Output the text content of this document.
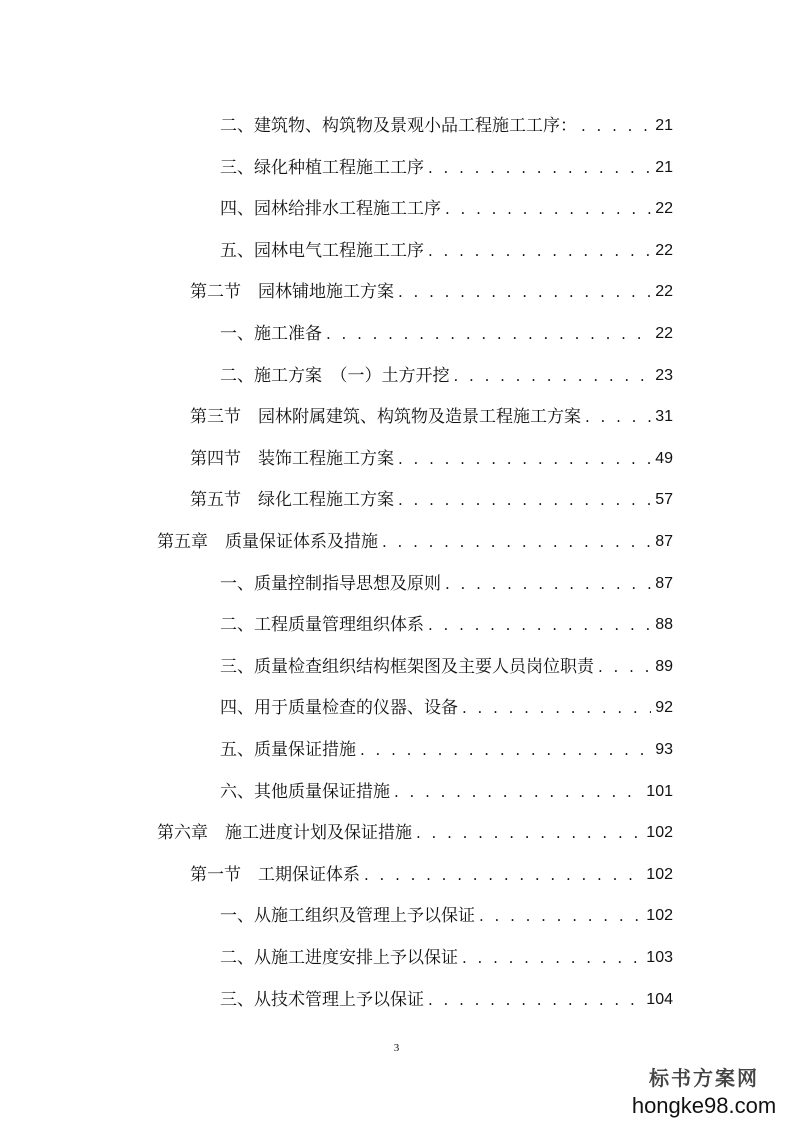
二、建筑物、构筑物及景观小品工程施工工序： . . .	21
三、绿化种植工程施工工序 . . .	21
四、园林给排水工程施工工序 . . .	22
五、园林电气工程施工工序 . . .	22
第二节　园林铺地施工方案 . . .	22
一、施工准备 . . .	22
二、施工方案　（一）土方开挖 . . .	23
第三节　园林附属建筑、构筑物及造景工程施工方案 . . .	31
第四节　装饰工程施工方案 . . .	49
第五节　绿化工程施工方案 . . .	57
第五章　质量保证体系及措施 . . .	87
一、质量控制指导思想及原则 . . .	87
二、工程质量管理组织体系 . . .	88
三、质量检查组织结构框架图及主要人员岗位职责 . . .	89
四、用于质量检查的仪器、设备 . . .	92
五、质量保证措施 . . .	93
六、其他质量保证措施 . . .	101
第六章　施工进度计划及保证措施 . . .	102
第一节　工期保证体系 . . .	102
一、从施工组织及管理上予以保证 . . .	102
二、从施工进度安排上予以保证 . . .	103
三、从技术管理上予以保证 . . .	104
3
标书方案网
hongke98.com
